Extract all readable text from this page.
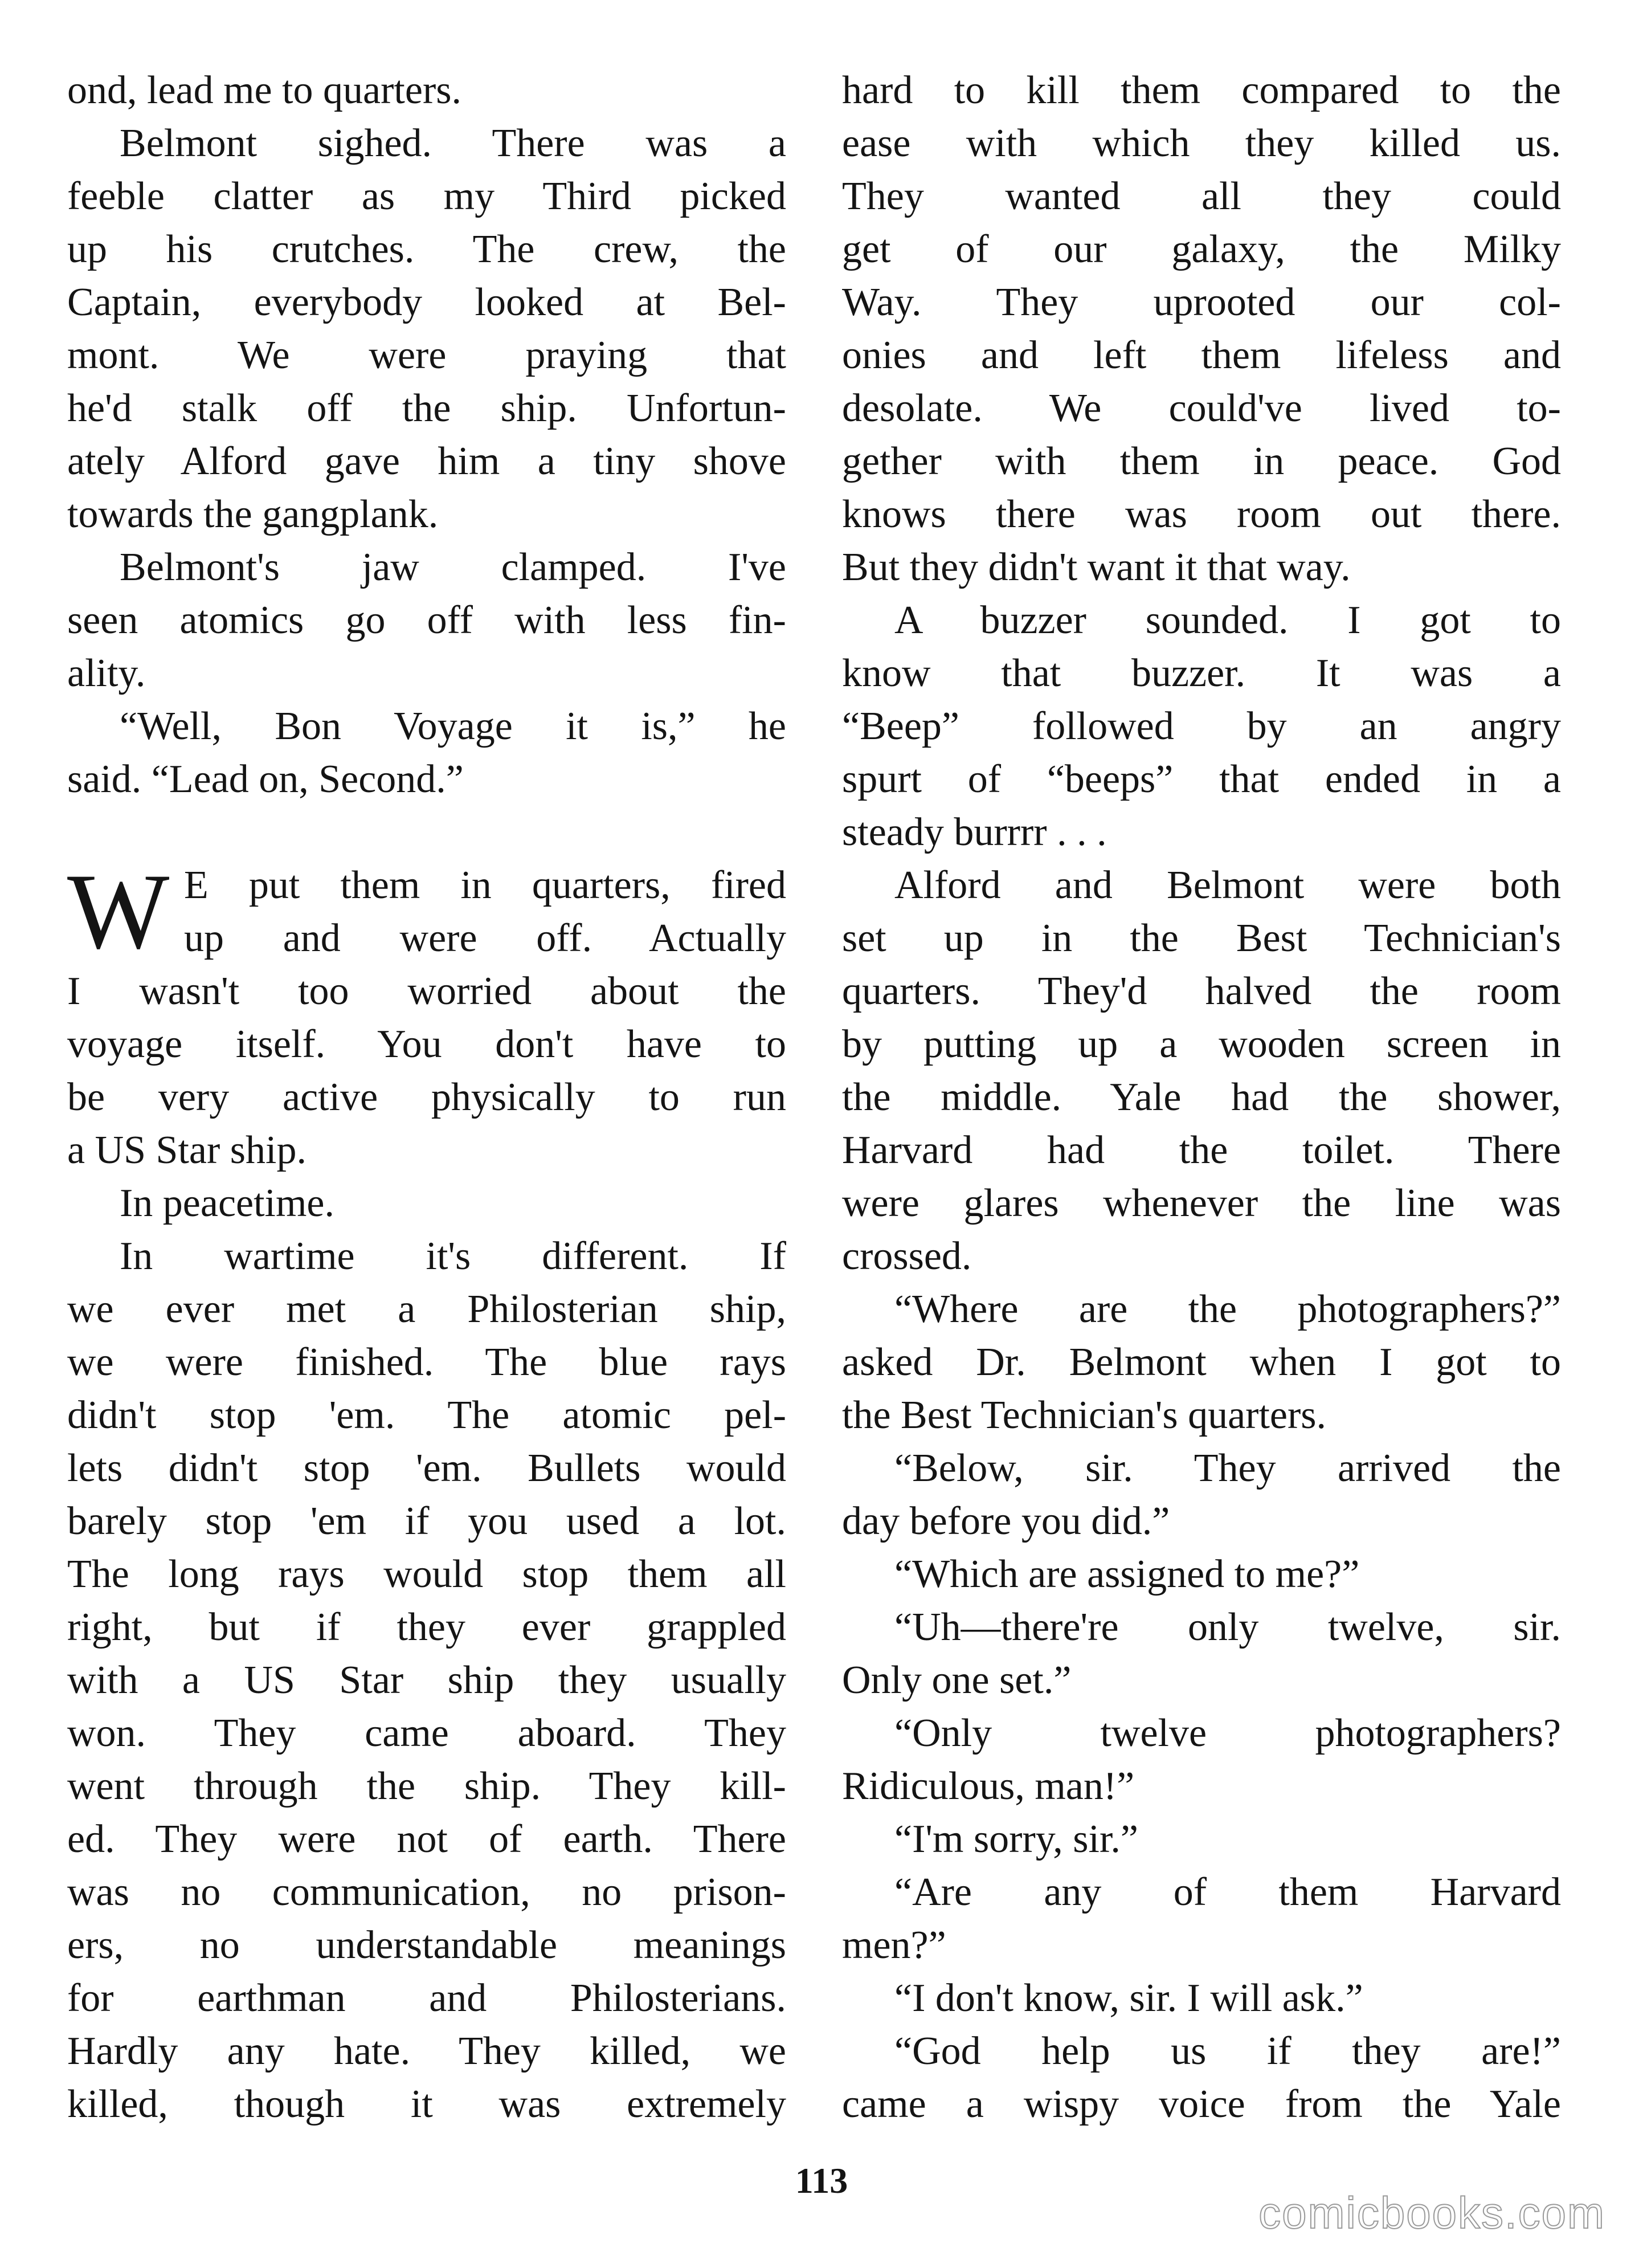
ond, lead me to quarters.
Belmont sighed. There was a
feeble clatter as my Third picked
up his crutches. The crew, the
Captain, everybody looked at Bel-
mont. We were praying that
he'd stalk off the ship. Unfortun-
ately Alford gave him a tiny shove
towards the gangplank.
Belmont's jaw clamped. I've
seen atomics go off with less fin-
ality.
“Well, Bon Voyage it is,” he
said. “Lead on, Second.”
W E put them in quarters, fired
up and were off. Actually
I wasn't too worried about the
voyage itself. You don't have to
be very active physically to run
a US Star ship.
In peacetime.
In wartime it's different. If
we ever met a Philosterian ship,
we were finished. The blue rays
didn't stop 'em. The atomic pel-
lets didn't stop 'em. Bullets would
barely stop 'em if you used a lot.
The long rays would stop them all
right, but if they ever grappled
with a US Star ship they usually
won. They came aboard. They
went through the ship. They kill-
ed. They were not of earth. There
was no communication, no prison-
ers, no understandable meanings
for earthman and Philosterians.
Hardly any hate. They killed, we
killed, though it was extremely
hard to kill them compared to the
ease with which they killed us.
They wanted all they could
get of our galaxy, the Milky
Way. They uprooted our col-
onies and left them lifeless and
desolate. We could've lived to-
gether with them in peace. God
knows there was room out there.
But they didn't want it that way.
A buzzer sounded. I got to
know that buzzer. It was a
“Beep” followed by an angry
spurt of “beeps” that ended in a
steady burrrr . . .
Alford and Belmont were both
set up in the Best Technician's
quarters. They'd halved the room
by putting up a wooden screen in
the middle. Yale had the shower,
Harvard had the toilet. There
were glares whenever the line was
crossed.
“Where are the photographers?”
asked Dr. Belmont when I got to
the Best Technician's quarters.
“Below, sir. They arrived the
day before you did.”
“Which are assigned to me?”
“Uh—there're only twelve, sir.
Only one set.”
“Only twelve photographers?
Ridiculous, man!”
“I'm sorry, sir.”
“Are any of them Harvard
men?”
“I don't know, sir. I will ask.”
“God help us if they are!”
came a wispy voice from the Yale
113
comicbooks.com
